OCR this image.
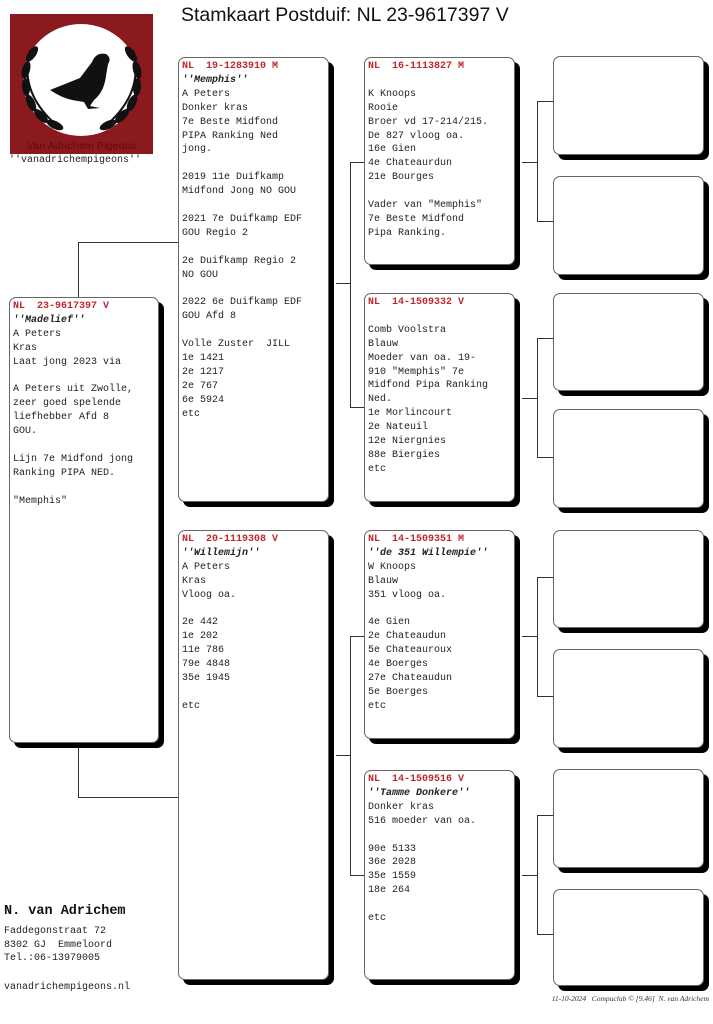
Stamkaart Postduif: NL 23-9617397 V
Van Adrichem Pigeons
''vanadrichempigeons''
NL  23-9617397 V
''Madelief''
A Peters
Kras
Laat jong 2023 via
A Peters uit Zwolle,
zeer goed spelende
liefhebber Afd 8
GOU.
Lijn 7e Midfond jong
Ranking PIPA NED.
"Memphis"
NL  19-1283910 M
''Memphis''
A Peters
Donker kras
7e Beste Midfond
PIPA Ranking Ned
jong.
2019 11e Duifkamp
Midfond Jong NO GOU
2021 7e Duifkamp EDF
GOU Regio 2
2e Duifkamp Regio 2
NO GOU
2022 6e Duifkamp EDF
GOU Afd 8
Volle Zuster  JILL
1e 1421
2e 1217
2e 767
6e 5924
etc
NL  20-1119308 V
''Willemijn''
A Peters
Kras
Vloog oa.
2e 442
1e 202
11e 786
79e 4848
35e 1945
etc
NL  16-1113827 M
K Knoops
Rooie
Broer vd 17-214/215.
De 827 vloog oa.
16e Gien
4e Chateaurdun
21e Bourges
Vader van "Memphis"
7e Beste Midfond
Pipa Ranking.
NL  14-1509332 V
Comb Voolstra
Blauw
Moeder van oa. 19-
910 "Memphis" 7e
Midfond Pipa Ranking
Ned.
1e Morlincourt
2e Nateuil
12e Niergnies
88e Biergies
etc
NL  14-1509351 M
''de 351 Willempie''
W Knoops
Blauw
351 vloog oa.
4e Gien
2e Chateaudun
5e Chateauroux
4e Boerges
27e Chateaudun
5e Boerges
etc
NL  14-1509516 V
''Tamme Donkere''
Donker kras
516 moeder van oa.
90e 5133
36e 2028
35e 1559
18e 264
etc
N. van Adrichem
Faddegonstraat 72
8302 GJ  Emmeloord
Tel.:06-13979005
vanadrichempigeons.nl
11-10-2024   Compuclub © [9.46]  N. van Adrichem
